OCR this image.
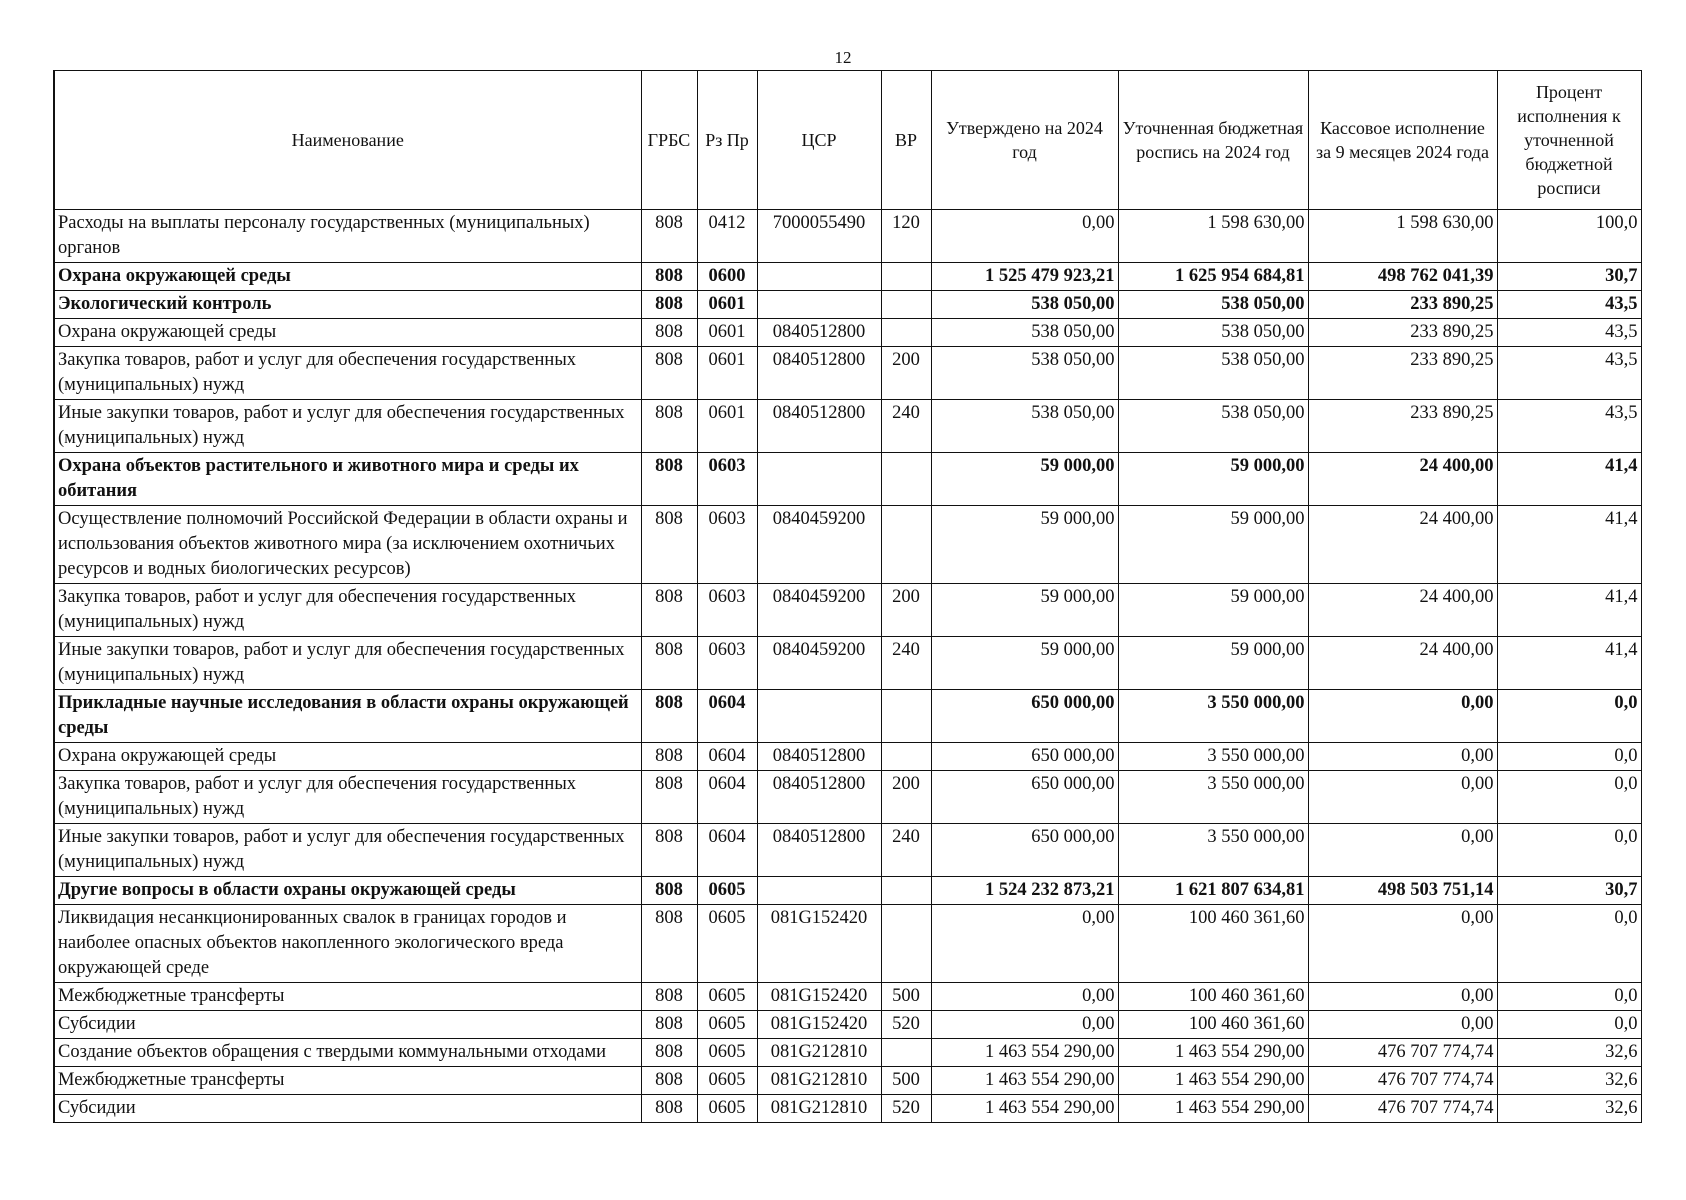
12
Наименование	ГРБС	Рз Пр	ЦСР	ВР	Утверждено на 2024 год	Уточненная бюджетная роспись на 2024 год	Кассовое исполнение за 9 месяцев 2024 года	Процент исполнения к уточненной бюджетной росписи
Расходы на выплаты персоналу государственных (муниципальных) органов	808	0412	7000055490	120	0,00	1 598 630,00	1 598 630,00	100,0
Охрана окружающей среды	808	0600			1 525 479 923,21	1 625 954 684,81	498 762 041,39	30,7
Экологический контроль	808	0601			538 050,00	538 050,00	233 890,25	43,5
Охрана окружающей среды	808	0601	0840512800		538 050,00	538 050,00	233 890,25	43,5
Закупка товаров, работ и услуг для обеспечения государственных (муниципальных) нужд	808	0601	0840512800	200	538 050,00	538 050,00	233 890,25	43,5
Иные закупки товаров, работ и услуг для обеспечения государственных (муниципальных) нужд	808	0601	0840512800	240	538 050,00	538 050,00	233 890,25	43,5
Охрана объектов растительного и животного мира и среды их обитания	808	0603			59 000,00	59 000,00	24 400,00	41,4
Осуществление полномочий Российской Федерации в области охраны и использования объектов животного мира (за исключением охотничьих ресурсов и водных биологических ресурсов)	808	0603	0840459200		59 000,00	59 000,00	24 400,00	41,4
Закупка товаров, работ и услуг для обеспечения государственных (муниципальных) нужд	808	0603	0840459200	200	59 000,00	59 000,00	24 400,00	41,4
Иные закупки товаров, работ и услуг для обеспечения государственных (муниципальных) нужд	808	0603	0840459200	240	59 000,00	59 000,00	24 400,00	41,4
Прикладные научные исследования в области охраны окружающей среды	808	0604			650 000,00	3 550 000,00	0,00	0,0
Охрана окружающей среды	808	0604	0840512800		650 000,00	3 550 000,00	0,00	0,0
Закупка товаров, работ и услуг для обеспечения государственных (муниципальных) нужд	808	0604	0840512800	200	650 000,00	3 550 000,00	0,00	0,0
Иные закупки товаров, работ и услуг для обеспечения государственных (муниципальных) нужд	808	0604	0840512800	240	650 000,00	3 550 000,00	0,00	0,0
Другие вопросы в области охраны окружающей среды	808	0605			1 524 232 873,21	1 621 807 634,81	498 503 751,14	30,7
Ликвидация несанкционированных свалок в границах городов и наиболее опасных объектов накопленного экологического вреда окружающей среде	808	0605	081G152420		0,00	100 460 361,60	0,00	0,0
Межбюджетные трансферты	808	0605	081G152420	500	0,00	100 460 361,60	0,00	0,0
Субсидии	808	0605	081G152420	520	0,00	100 460 361,60	0,00	0,0
Создание объектов обращения с твердыми коммунальными отходами	808	0605	081G212810		1 463 554 290,00	1 463 554 290,00	476 707 774,74	32,6
Межбюджетные трансферты	808	0605	081G212810	500	1 463 554 290,00	1 463 554 290,00	476 707 774,74	32,6
Субсидии	808	0605	081G212810	520	1 463 554 290,00	1 463 554 290,00	476 707 774,74	32,6
